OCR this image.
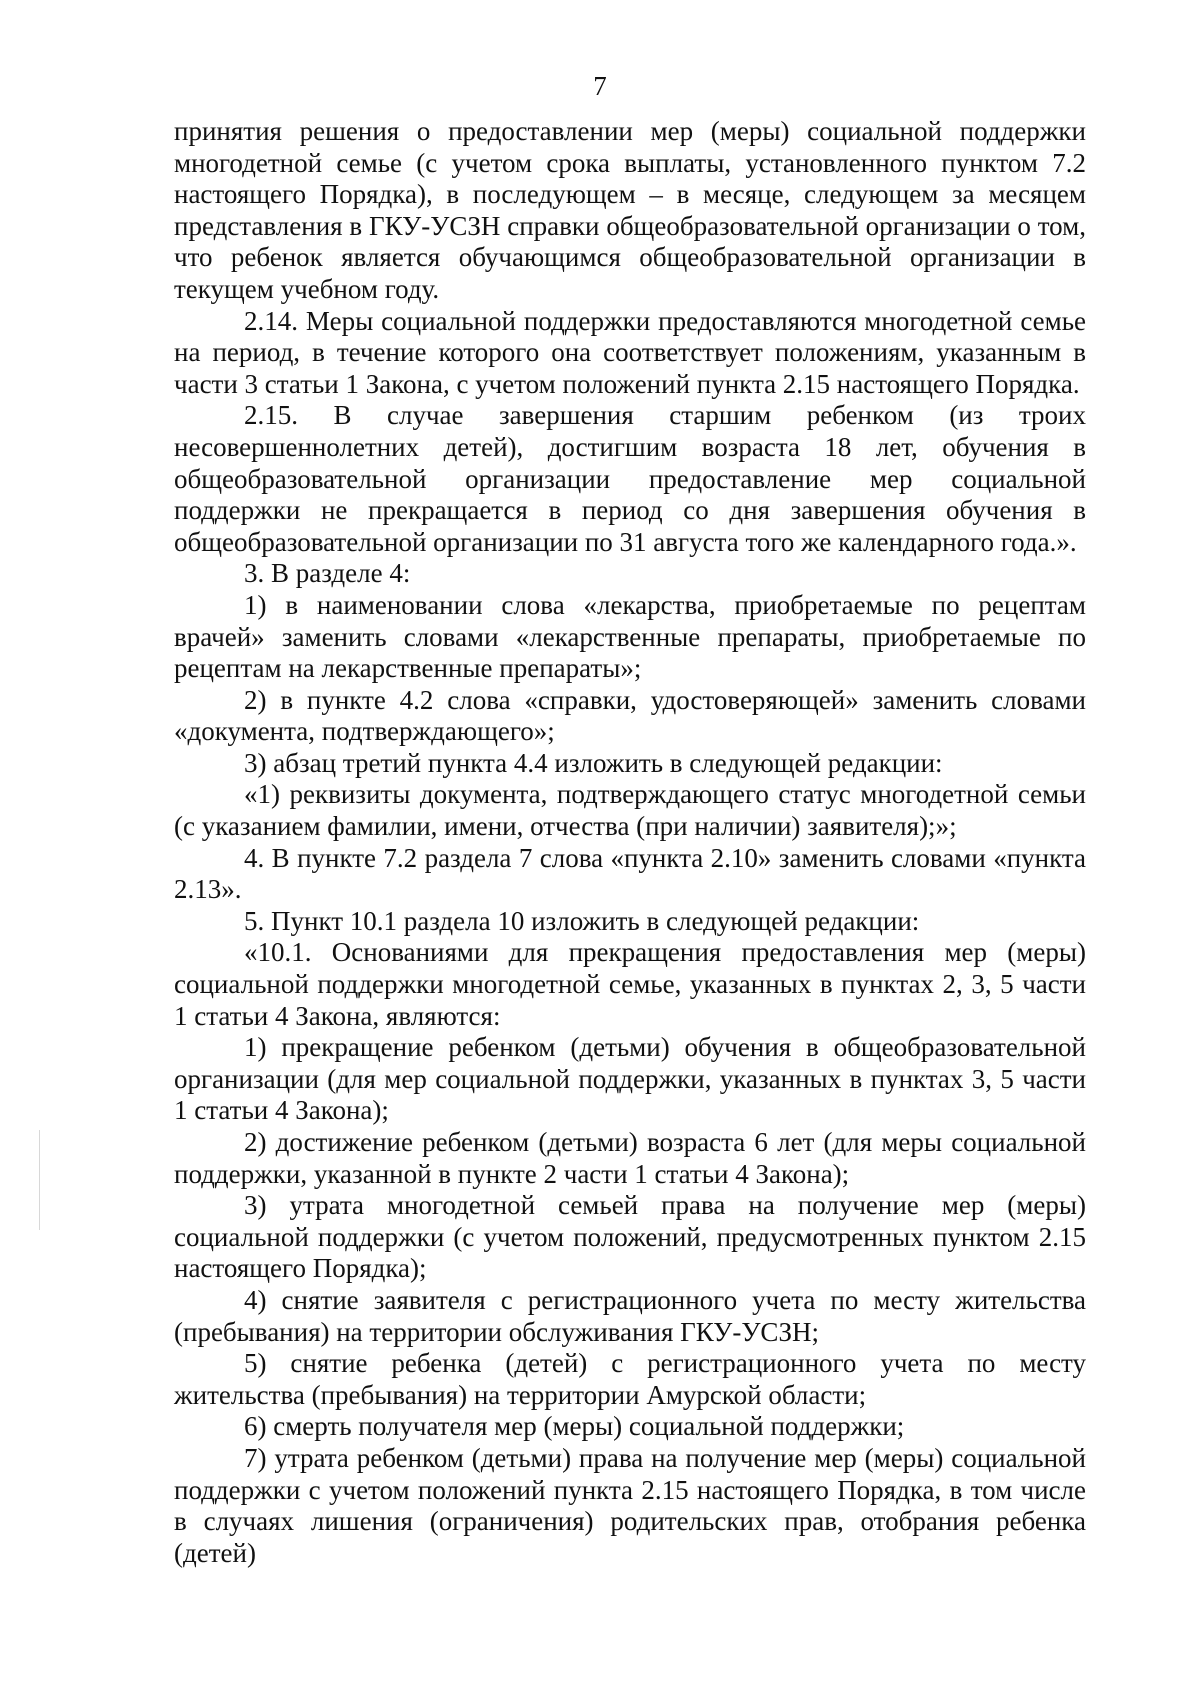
7

принятия решения о предоставлении мер (меры) социальной поддержки многодетной семье (с учетом срока выплаты, установленного пунктом 7.2 настоящего Порядка), в последующем – в месяце, следующем за месяцем представления в ГКУ-УСЗН справки общеобразовательной организации о том, что ребенок является обучающимся общеобразовательной организации в текущем учебном году.

2.14. Меры социальной поддержки предоставляются многодетной семье на период, в течение которого она соответствует положениям, указанным в части 3 статьи 1 Закона, с учетом положений пункта 2.15 настоящего Порядка.

2.15. В случае завершения старшим ребенком (из троих несовершеннолетних детей), достигшим возраста 18 лет, обучения в общеобразовательной организации предоставление мер социальной поддержки не прекращается в период со дня завершения обучения в общеобразовательной организации по 31 августа того же календарного года.».

3. В разделе 4:

1) в наименовании слова «лекарства, приобретаемые по рецептам врачей» заменить словами «лекарственные препараты, приобретаемые по рецептам на лекарственные препараты»;

2) в пункте 4.2 слова «справки, удостоверяющей» заменить словами «документа, подтверждающего»;

3) абзац третий пункта 4.4 изложить в следующей редакции:

«1) реквизиты документа, подтверждающего статус многодетной семьи (с указанием фамилии, имени, отчества (при наличии) заявителя);»;

4. В пункте 7.2 раздела 7 слова «пункта 2.10» заменить словами «пункта 2.13».

5. Пункт 10.1 раздела 10 изложить в следующей редакции:

«10.1. Основаниями для прекращения предоставления мер (меры) социальной поддержки многодетной семье, указанных в пунктах 2, 3, 5 части 1 статьи 4 Закона, являются:

1) прекращение ребенком (детьми) обучения в общеобразовательной организации (для мер социальной поддержки, указанных в пунктах 3, 5 части 1 статьи 4 Закона);

2) достижение ребенком (детьми) возраста 6 лет (для меры социальной поддержки, указанной в пункте 2 части 1 статьи 4 Закона);

3) утрата многодетной семьей права на получение мер (меры) социальной поддержки (с учетом положений, предусмотренных пунктом 2.15 настоящего Порядка);

4) снятие заявителя с регистрационного учета по месту жительства (пребывания) на территории обслуживания ГКУ-УСЗН;

5) снятие ребенка (детей) с регистрационного учета по месту жительства (пребывания) на территории Амурской области;

6) смерть получателя мер (меры) социальной поддержки;

7) утрата ребенком (детьми) права на получение мер (меры) социальной поддержки с учетом положений пункта 2.15 настоящего Порядка, в том числе в случаях лишения (ограничения) родительских прав, отобрания ребенка (детей)
